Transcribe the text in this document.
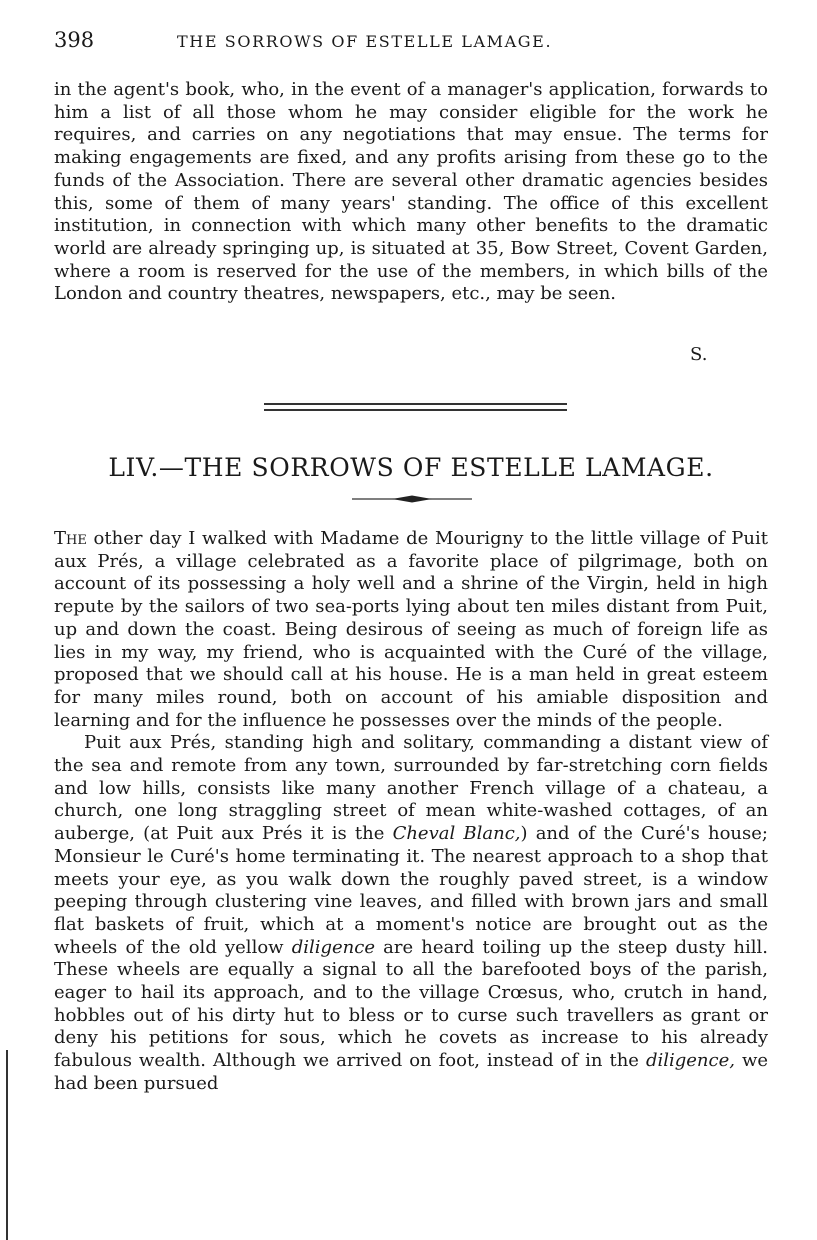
398	THE SORROWS OF ESTELLE LAMAGE.
in the agent's book, who, in the event of a manager's application, forwards to him a list of all those whom he may consider eligible for the work he requires, and carries on any negotiations that may ensue. The terms for making engagements are fixed, and any profits arising from these go to the funds of the Association. There are several other dramatic agencies besides this, some of them of many years' standing. The office of this excellent institution, in connection with which many other benefits to the dramatic world are already springing up, is situated at 35, Bow Street, Covent Garden, where a room is reserved for the use of the members, in which bills of the London and country theatres, newspapers, etc., may be seen.
S.
LIV.—THE SORROWS OF ESTELLE LAMAGE.

The other day I walked with Madame de Mourigny to the little village of Puit aux Prés, a village celebrated as a favorite place of pilgrimage, both on account of its possessing a holy well and a shrine of the Virgin, held in high repute by the sailors of two sea-ports lying about ten miles distant from Puit, up and down the coast. Being desirous of seeing as much of foreign life as lies in my way, my friend, who is acquainted with the Curé of the village, proposed that we should call at his house. He is a man held in great esteem for many miles round, both on account of his amiable disposition and learning and for the influence he possesses over the minds of the people.

Puit aux Prés, standing high and solitary, commanding a distant view of the sea and remote from any town, surrounded by far-stretching corn fields and low hills, consists like many another French village of a chateau, a church, one long straggling street of mean white-washed cottages, of an auberge, (at Puit aux Prés it is the Cheval Blanc,) and of the Curé's house; Monsieur le Curé's home terminating it. The nearest approach to a shop that meets your eye, as you walk down the roughly paved street, is a window peeping through clustering vine leaves, and filled with brown jars and small flat baskets of fruit, which at a moment's notice are brought out as the wheels of the old yellow diligence are heard toiling up the steep dusty hill. These wheels are equally a signal to all the barefooted boys of the parish, eager to hail its approach, and to the village Crœsus, who, crutch in hand, hobbles out of his dirty hut to bless or to curse such travellers as grant or deny his petitions for sous, which he covets as increase to his already fabulous wealth. Although we arrived on foot, instead of in the diligence, we had been pursued
